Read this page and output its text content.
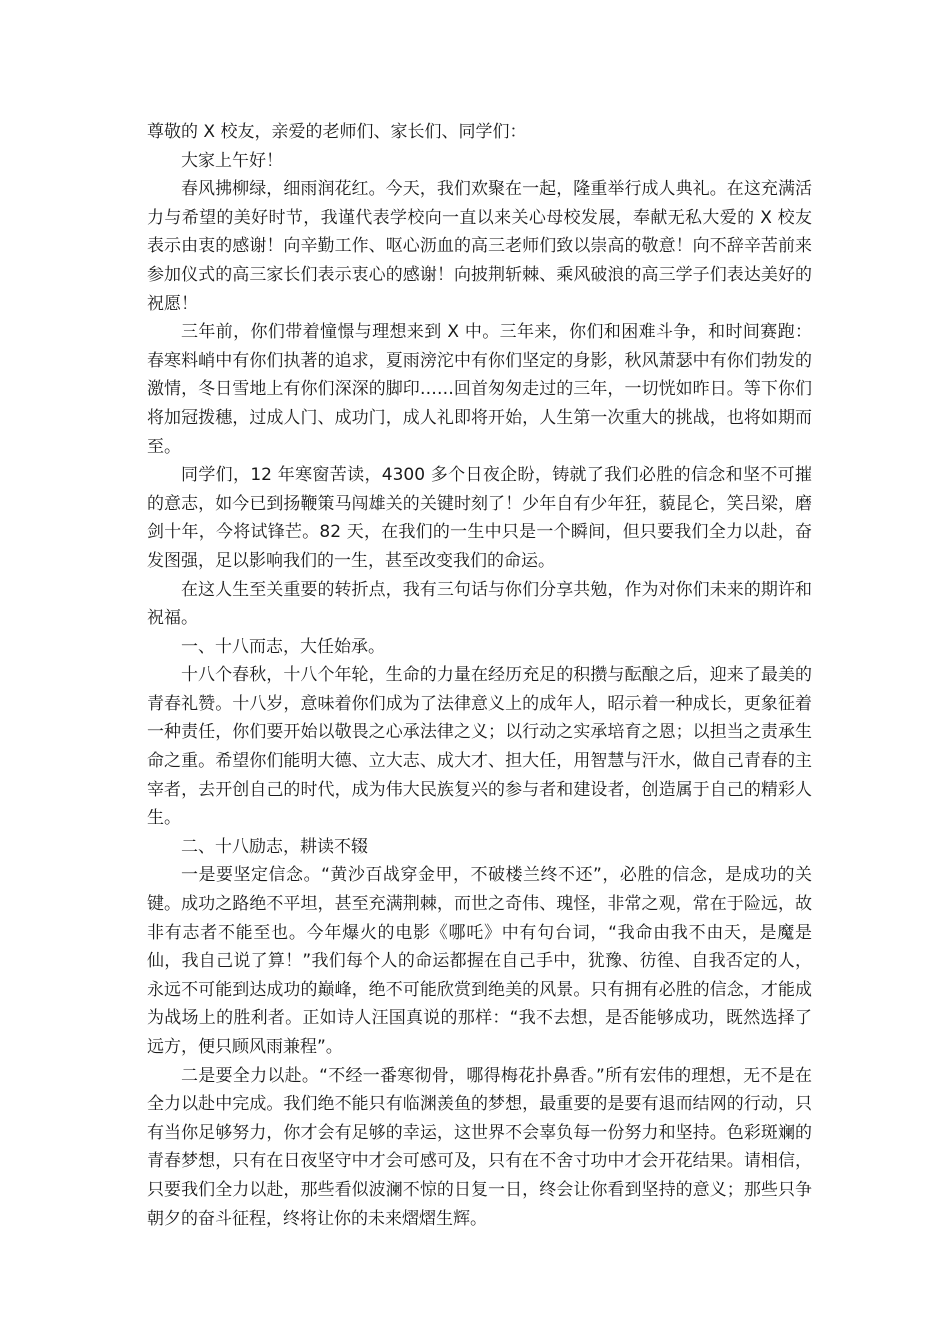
尊敬的 X 校友，亲爱的老师们、家长们、同学们：

大家上午好！

春风拂柳绿，细雨润花红。今天，我们欢聚在一起，隆重举行成人典礼。在这充满活力与希望的美好时节，我谨代表学校向一直以来关心母校发展，奉献无私大爱的 X 校友表示由衷的感谢！向辛勤工作、呕心沥血的高三老师们致以崇高的敬意！向不辞辛苦前来参加仪式的高三家长们表示衷心的感谢！向披荆斩棘、乘风破浪的高三学子们表达美好的祝愿！

三年前，你们带着憧憬与理想来到 X 中。三年来，你们和困难斗争，和时间赛跑：春寒料峭中有你们执著的追求，夏雨滂沱中有你们坚定的身影，秋风萧瑟中有你们勃发的激情，冬日雪地上有你们深深的脚印……回首匆匆走过的三年，一切恍如昨日。等下你们将加冠拨穗，过成人门、成功门，成人礼即将开始，人生第一次重大的挑战，也将如期而至。

同学们，12 年寒窗苦读，4300 多个日夜企盼，铸就了我们必胜的信念和坚不可摧的意志，如今已到扬鞭策马闯雄关的关键时刻了！少年自有少年狂，藐昆仑，笑吕梁，磨剑十年，今将试锋芒。82 天，在我们的一生中只是一个瞬间，但只要我们全力以赴，奋发图强，足以影响我们的一生，甚至改变我们的命运。

在这人生至关重要的转折点，我有三句话与你们分享共勉，作为对你们未来的期许和祝福。

一、十八而志，大任始承。

十八个春秋，十八个年轮，生命的力量在经历充足的积攒与酝酿之后，迎来了最美的青春礼赞。十八岁，意味着你们成为了法律意义上的成年人，昭示着一种成长，更象征着一种责任，你们要开始以敬畏之心承法律之义；以行动之实承培育之恩；以担当之责承生命之重。希望你们能明大德、立大志、成大才、担大任，用智慧与汗水，做自己青春的主宰者，去开创自己的时代，成为伟大民族复兴的参与者和建设者，创造属于自己的精彩人生。

二、十八励志，耕读不辍

一是要坚定信念。“黄沙百战穿金甲，不破楼兰终不还”，必胜的信念，是成功的关键。成功之路绝不平坦，甚至充满荆棘，而世之奇伟、瑰怪，非常之观，常在于险远，故非有志者不能至也。今年爆火的电影《哪吒》中有句台词，“我命由我不由天，是魔是仙，我自己说了算！”我们每个人的命运都握在自己手中，犹豫、彷徨、自我否定的人，永远不可能到达成功的巅峰，绝不可能欣赏到绝美的风景。只有拥有必胜的信念，才能成为战场上的胜利者。正如诗人汪国真说的那样：“我不去想，是否能够成功，既然选择了远方，便只顾风雨兼程”。

二是要全力以赴。“不经一番寒彻骨，哪得梅花扑鼻香。”所有宏伟的理想，无不是在全力以赴中完成。我们绝不能只有临渊羡鱼的梦想，最重要的是要有退而结网的行动，只有当你足够努力，你才会有足够的幸运，这世界不会辜负每一份努力和坚持。色彩斑斓的青春梦想，只有在日夜坚守中才会可感可及，只有在不舍寸功中才会开花结果。请相信，只要我们全力以赴，那些看似波澜不惊的日复一日，终会让你看到坚持的意义；那些只争朝夕的奋斗征程，终将让你的未来熠熠生辉。
